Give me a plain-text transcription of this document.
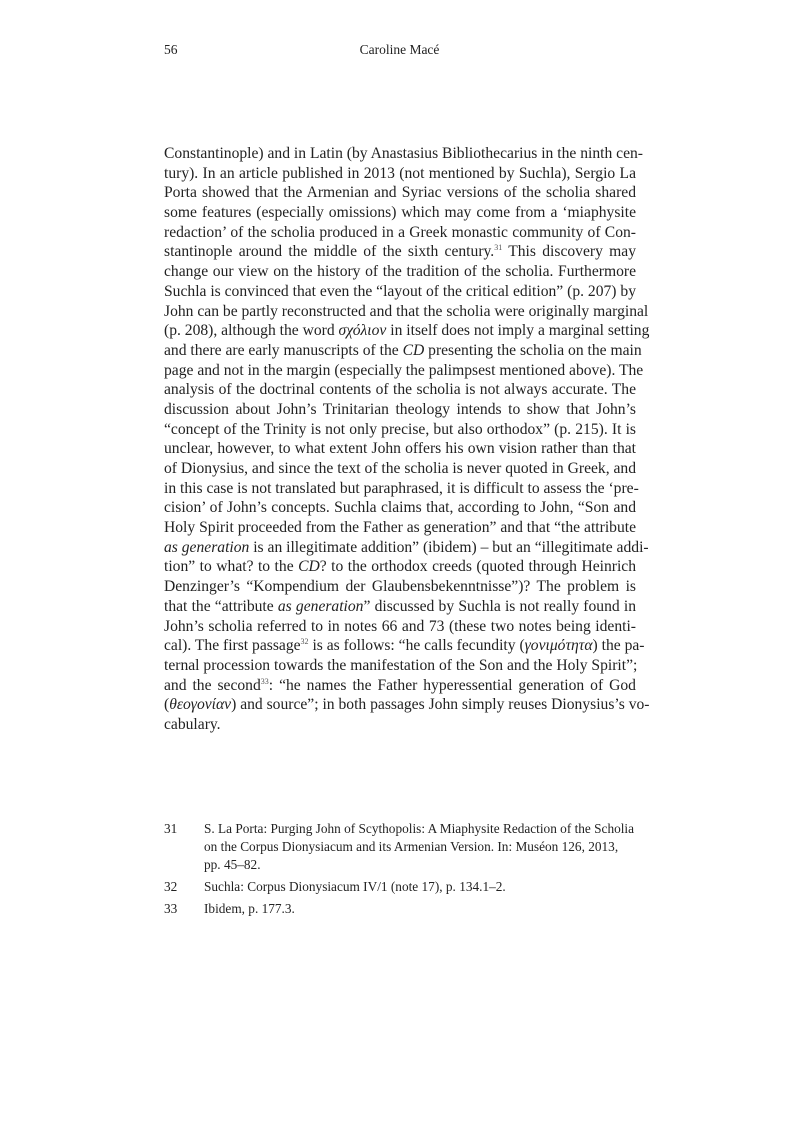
56	Caroline Macé
Constantinople) and in Latin (by Anastasius Bibliothecarius in the ninth cen-
tury). In an article published in 2013 (not mentioned by Suchla), Sergio La
Porta showed that the Armenian and Syriac versions of the scholia shared
some features (especially omissions) which may come from a ‘miaphysite
redaction’ of the scholia produced in a Greek monastic community of Con-
stantinople around the middle of the sixth century.$^{31}$ This discovery may
change our view on the history of the tradition of the scholia. Furthermore
Suchla is convinced that even the “layout of the critical edition” (p. 207) by
John can be partly reconstructed and that the scholia were originally marginal
(p. 208), although the word σχόλιον in itself does not imply a marginal setting
and there are early manuscripts of the CD presenting the scholia on the main
page and not in the margin (especially the palimpsest mentioned above). The
analysis of the doctrinal contents of the scholia is not always accurate. The
discussion about John’s Trinitarian theology intends to show that John’s
“concept of the Trinity is not only precise, but also orthodox” (p. 215). It is
unclear, however, to what extent John offers his own vision rather than that
of Dionysius, and since the text of the scholia is never quoted in Greek, and
in this case is not translated but paraphrased, it is difficult to assess the ‘pre-
cision’ of John’s concepts. Suchla claims that, according to John, “Son and
Holy Spirit proceeded from the Father as generation” and that “the attribute
as generation is an illegitimate addition” (ibidem) – but an “illegitimate addi-
tion” to what? to the CD? to the orthodox creeds (quoted through Heinrich
Denzinger’s “Kompendium der Glaubensbekenntnisse”)? The problem is
that the “attribute as generation” discussed by Suchla is not really found in
John’s scholia referred to in notes 66 and 73 (these two notes being identi-
cal). The first passage$^{32}$ is as follows: “he calls fecundity (γονιμότητα) the pa-
ternal procession towards the manifestation of the Son and the Holy Spirit”;
and the second$^{33}$: “he names the Father hyperessential generation of God
(θεογονίαν) and source”; in both passages John simply reuses Dionysius’s vo-
cabulary.
31	S. La Porta: Purging John of Scythopolis: A Miaphysite Redaction of the Scholia on the Corpus Dionysiacum and its Armenian Version. In: Muséon 126, 2013, pp. 45–82.
32	Suchla: Corpus Dionysiacum IV/1 (note 17), p. 134.1–2.
33	Ibidem, p. 177.3.
